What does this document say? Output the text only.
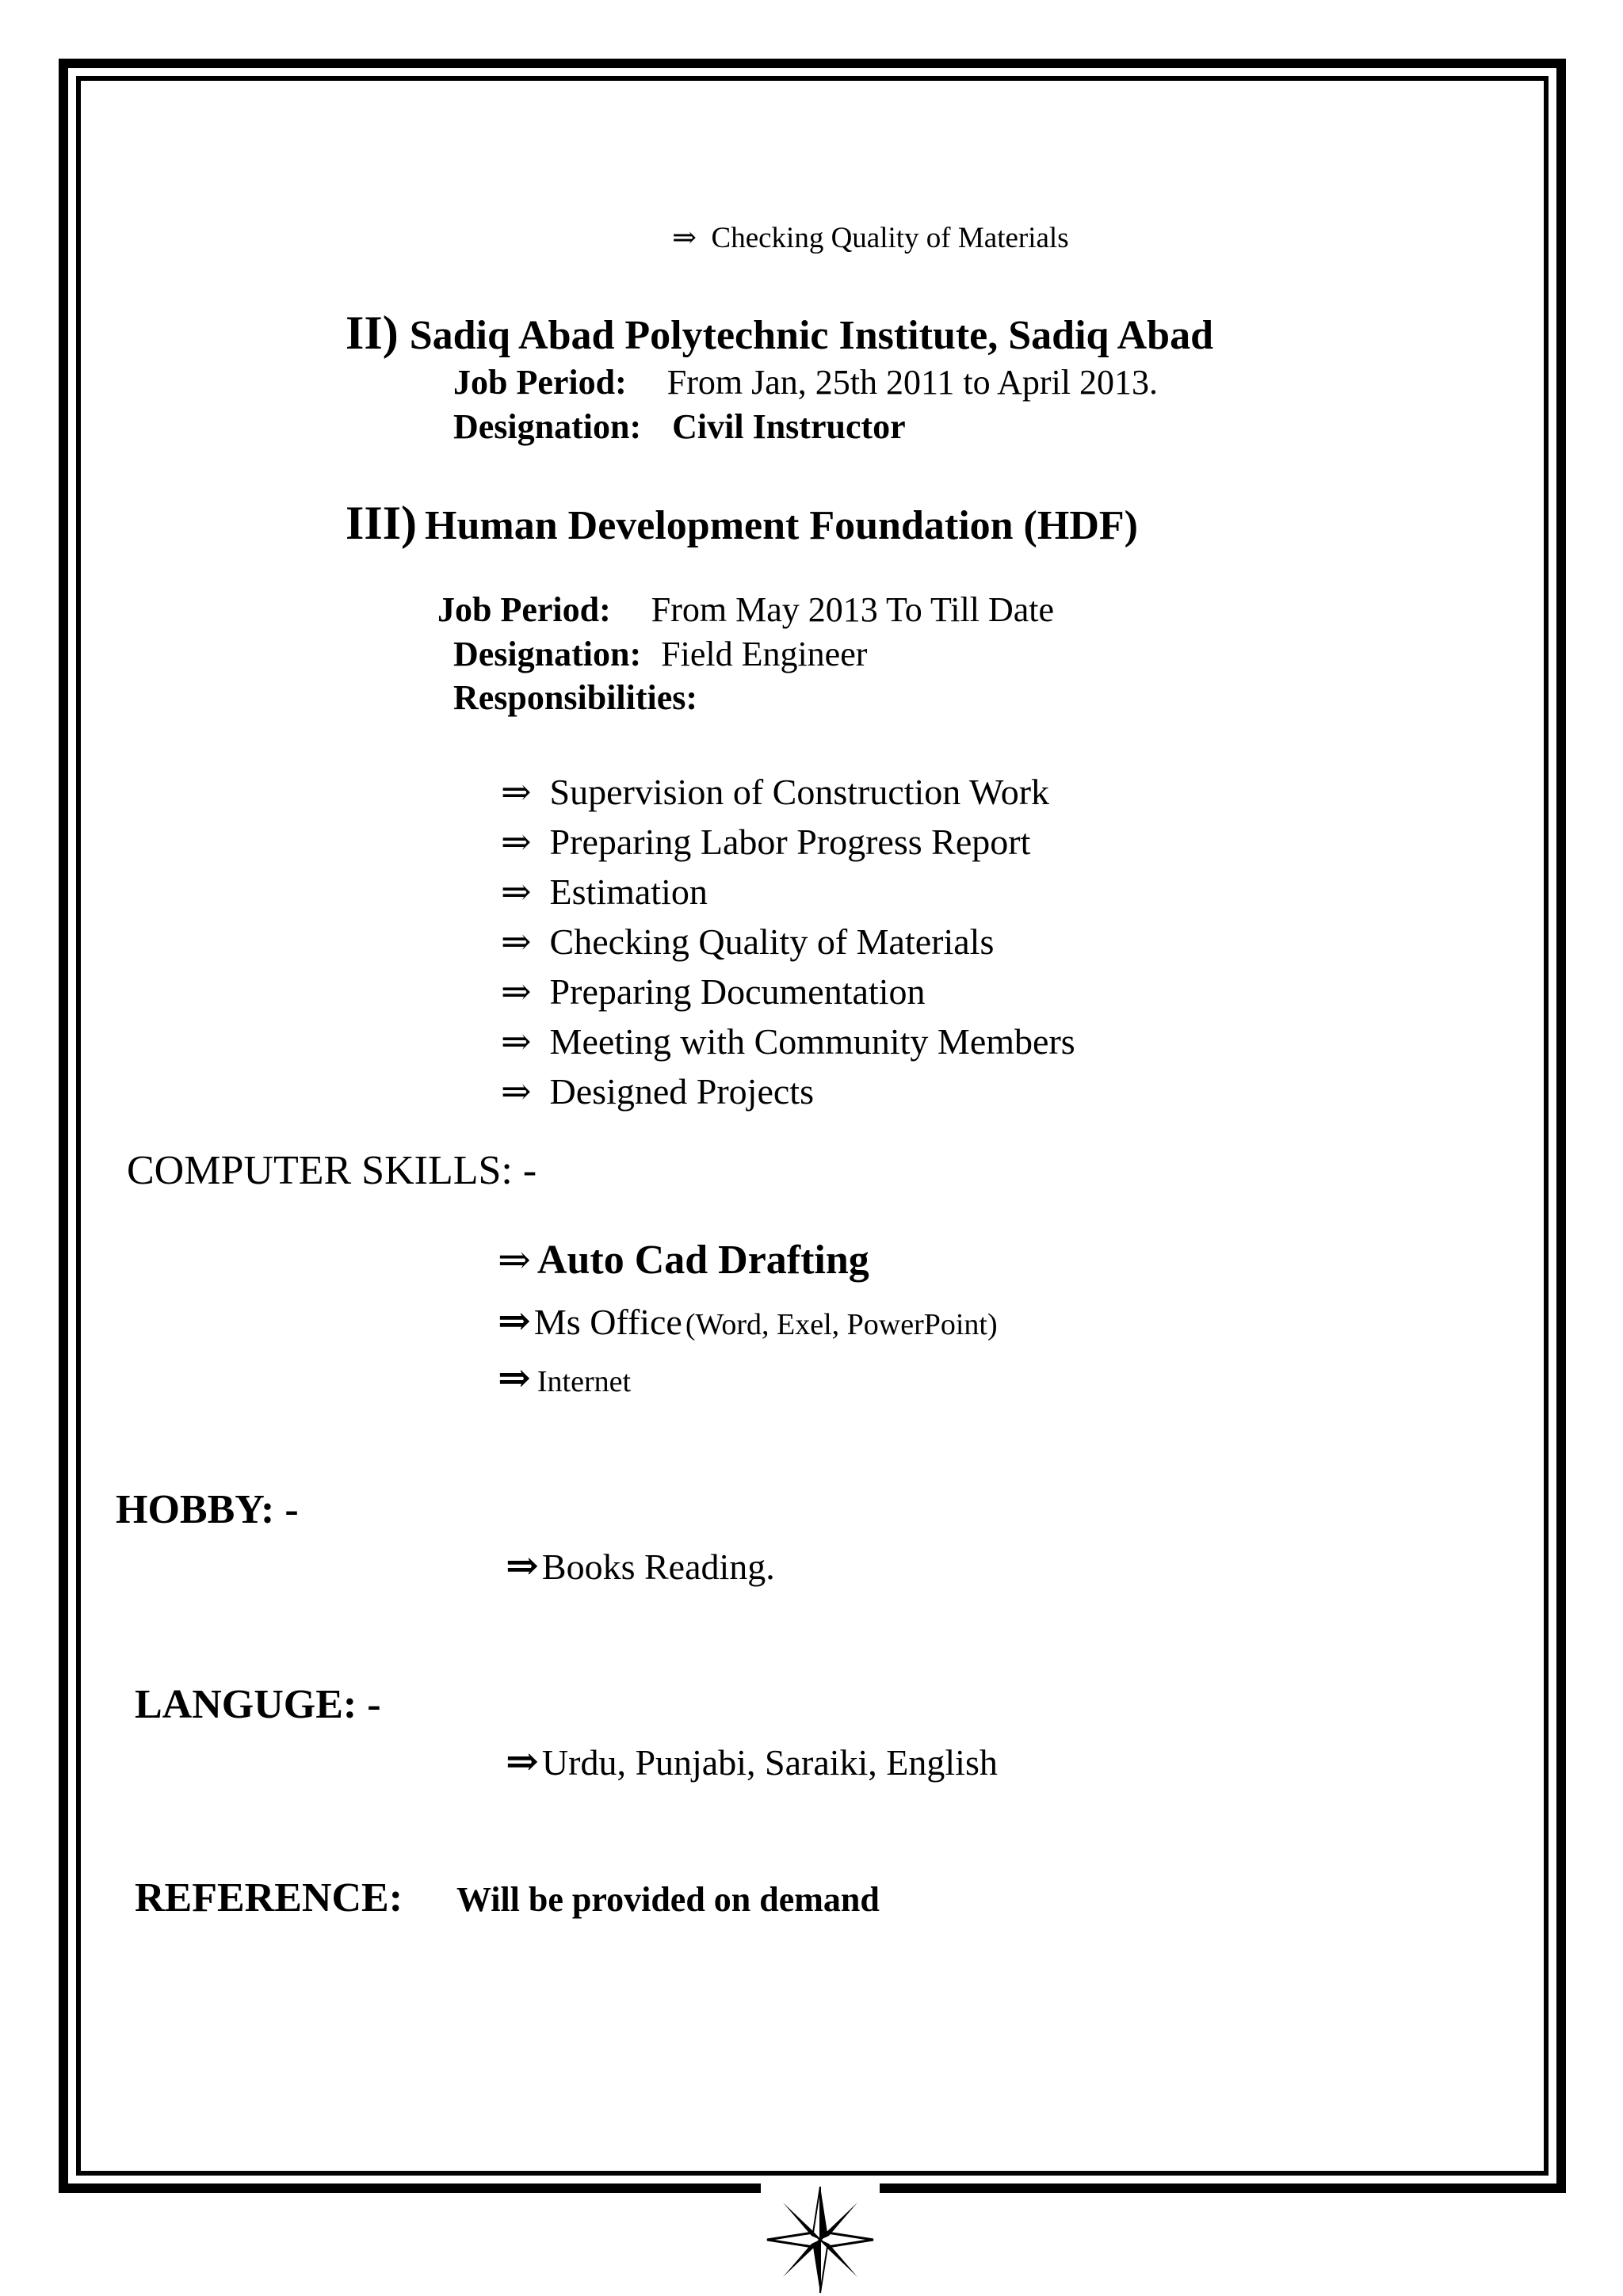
⇒ Checking Quality of Materials
II) Sadiq Abad Polytechnic Institute, Sadiq Abad
Job Period: From Jan, 25th 2011 to April 2013.
Designation: Civil Instructor
III) Human Development Foundation (HDF)
Job Period: From May 2013 To Till Date
Designation: Field Engineer
Responsibilities:
⇒ Supervision of Construction Work
⇒ Preparing Labor Progress Report
⇒ Estimation
⇒ Checking Quality of Materials
⇒ Preparing Documentation
⇒ Meeting with Community Members
⇒ Designed Projects
COMPUTER SKILLS: -
⇒ Auto Cad Drafting
⇒ Ms Office (Word, Exel, PowerPoint)
⇒ Internet
HOBBY: -
⇒ Books Reading.
LANGUGE: -
⇒ Urdu, Punjabi, Saraiki, English
REFERENCE: Will be provided on demand
